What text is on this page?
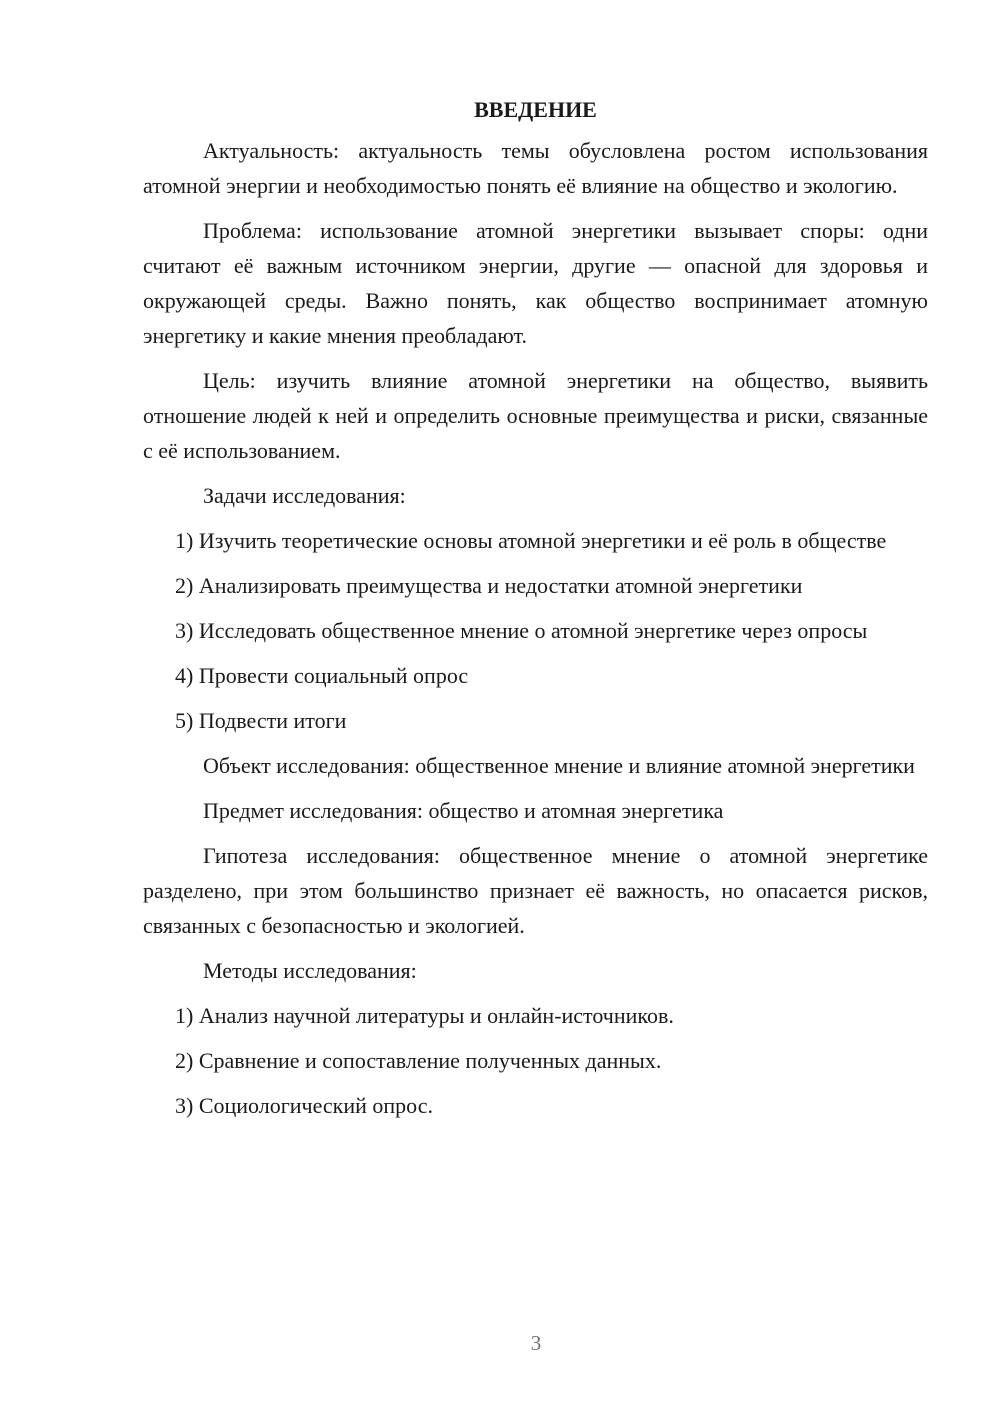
ВВЕДЕНИЕ

Актуальность: актуальность темы обусловлена ростом использования атомной энергии и необходимостью понять её влияние на общество и экологию.

Проблема: использование атомной энергетики вызывает споры: одни считают её важным источником энергии, другие — опасной для здоровья и окружающей среды. Важно понять, как общество воспринимает атомную энергетику и какие мнения преобладают.

Цель: изучить влияние атомной энергетики на общество, выявить отношение людей к ней и определить основные преимущества и риски, связанные с её использованием.

Задачи исследования:

1) Изучить теоретические основы атомной энергетики и её роль в обществе

2) Анализировать преимущества и недостатки атомной энергетики

3) Исследовать общественное мнение о атомной энергетике через опросы

4) Провести социальный опрос

5) Подвести итоги

Объект исследования: общественное мнение и влияние атомной энергетики

Предмет исследования: общество и атомная энергетика

Гипотеза исследования: общественное мнение о атомной энергетике разделено, при этом большинство признает её важность, но опасается рисков, связанных с безопасностью и экологией.

Методы исследования:

1) Анализ научной литературы и онлайн-источников.

2) Сравнение и сопоставление полученных данных.

3) Социологический опрос.

3
